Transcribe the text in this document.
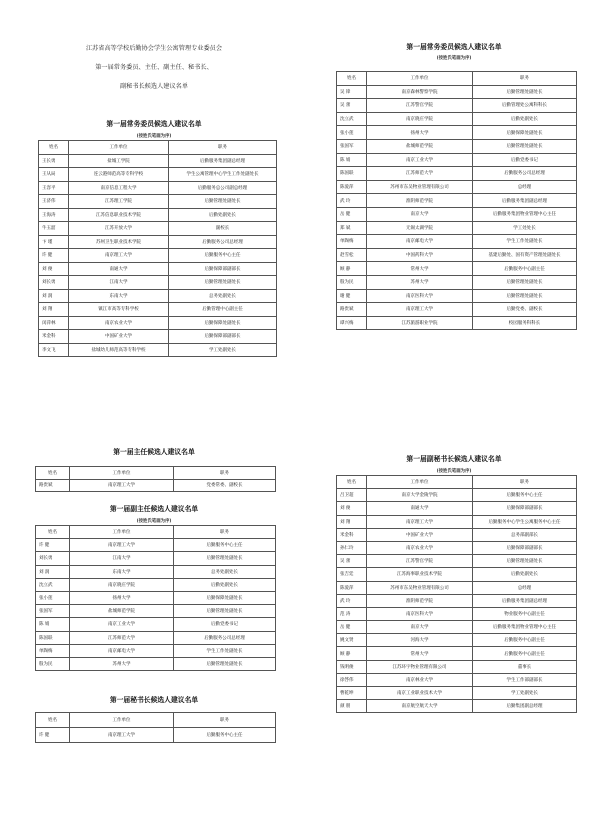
江苏省高等学校后勤协会学生公寓管理专业委员会
第一届常务委员、主任、副主任、秘书长、
副秘书长候选人建议名单
第一届常务委员候选人建议名单
(按姓氏笔画为序)
姓名	工作单位	职务
王长勇	盐城工学院	后勤服务集团副总经理
王从局	连云港师范高等专科学校	学生公寓管理中心学生工作处副处长
王容平	南京信息工程大学	后勤服务总公司副总经理
王济伟	江苏理工学院	后勤管理处副处长
王海涛	江苏信息职业技术学院	后勤处副处长
牛玉韶	江苏开放大学	副校长
卞 瑾	苏州卫生职业技术学院	后勤服务公司总经理
许 健	南京理工大学	后勤服务中心主任
刘 俊	南通大学	后勤保障部副部长
刘长勇	江南大学	后勤管理处副处长
刘 润	东南大学	总务处副处长
刘 翔	镇江市高等专科学校	后勤管理中心副主任
闵萍林	南京农业大学	后勤保障处副处长
米金科	中国矿业大学	后勤保障部副部长
李文飞	盐城幼儿师范高等专科学校	学工处副处长
第一届常务委员候选人建议名单
(按姓氏笔画为序)
姓名	工作单位	职务
吴 锋	南京森林警察学院	后勤管理处副处长
吴 蕾	江苏警官学院	后勤管理处公寓科科长
沈立武	南京晓庄学院	后勤处副处长
张小莲	扬州大学	后勤保障处副处长
张国军	盐城师范学院	后勤管理处副处长
陈 娟	南京工业大学	后勤党委书记
陈国联	江苏师范大学	后勤服务公司总经理
陈爱萍	苏州市东吴物业管理有限公司	总经理
武 玲	淮阴师范学院	后勤服务集团副总经理
岳 健	南京大学	后勤服务集团物业管理中心主任
郑 斌	无锡太湖学院	学工处处长
单陶梅	南京邮电大学	学生工作处副处长
赵雪松	中国药科大学	基建后勤处、国有资产管理处副处长
顾 静	常州大学	后勤服务中心副主任
殷为民	苏州大学	后勤管理处副处长
谢 健	南京医科大学	后勤管理处副处长
路贵斌	南京理工大学	后勤党委、副校长
谭兴梅	江苏旅游职业学院	校园服务科科长
第一届主任候选人建议名单
姓名	工作单位	职务
路贵斌	南京理工大学	党委常委、副校长
第一届副主任候选人建议名单
(按姓氏笔画为序)
姓名	工作单位	职务
许 健	南京理工大学	后勤服务中心主任
刘长勇	江南大学	后勤管理处副处长
刘 润	东南大学	总务处副处长
沈立武	南京晓庄学院	后勤处副处长
张小莲	扬州大学	后勤保障处副处长
张国军	盐城师范学院	后勤管理处副处长
陈 娟	南京工业大学	后勤党委书记
陈国联	江苏师范大学	后勤服务公司总经理
单陶梅	南京邮电大学	学生工作处副处长
殷为民	苏州大学	后勤管理处副处长
第一届秘书长候选人建议名单
姓名	工作单位	职务
许 健	南京理工大学	后勤服务中心主任
第一届副秘书长候选人建议名单
(按姓氏笔画为序)
姓名	工作单位	职务
吕卫超	南京大学金陵学院	后勤服务中心主任
刘 俊	南通大学	后勤保障部副部长
刘 翔	南京理工大学	后勤服务中心学生公寓服务中心主任
米金科	中国矿业大学	总务部副部长
孙仁玲	南京农业大学	后勤保障部副部长
吴 蕾	江苏警官学院	后勤管理处副处长
张吉廷	江苏海事职业技术学院	后勤处副处长
陈爱萍	苏州市东吴物业管理有限公司	总经理
武 玲	淮阴师范学院	后勤服务集团副总经理
范 涛	南京医科大学	物业服务中心副主任
岳 健	南京大学	后勤服务集团物业管理中心主任
姚文贤	河海大学	后勤服务中心副主任
顾 静	常州大学	后勤服务中心副主任
钱明俊	江苏环宇物业管理有限公司	董事长
徐啓伟	南京林业大学	学生工作部副部长
曹乾坤	南京工业职业技术大学	学工处副处长
颜 朋	南京航空航天大学	后勤集团副总经理
